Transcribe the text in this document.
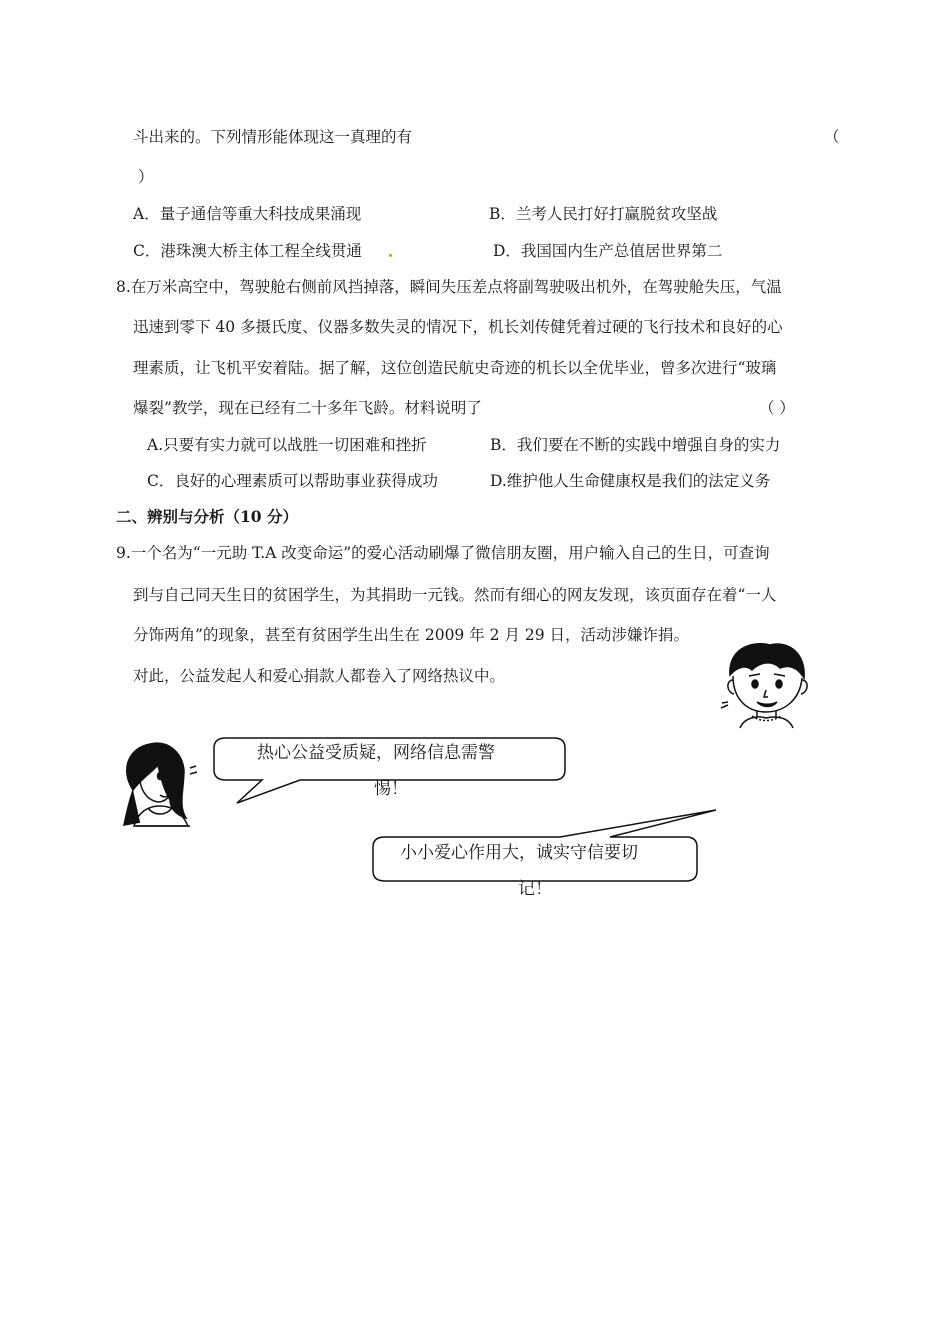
斗出来的。下列情形能体现这一真理的有	（
）
A．量子通信等重大科技成果涌现	B．兰考人民打好打赢脱贫攻坚战
C．港珠澳大桥主体工程全线贯通	D．我国国内生产总值居世界第二
8.在万米高空中，驾驶舱右侧前风挡掉落，瞬间失压差点将副驾驶吸出机外，在驾驶舱失压，气温
迅速到零下 40 多摄氏度、仪器多数失灵的情况下，机长刘传健凭着过硬的飞行技术和良好的心
理素质，让飞机平安着陆。据了解，这位创造民航史奇迹的机长以全优毕业，曾多次进行“玻璃
爆裂”教学，现在已经有二十多年飞龄。材料说明了	（ ）
A.只要有实力就可以战胜一切困难和挫折	B．我们要在不断的实践中增强自身的实力
C．良好的心理素质可以帮助事业获得成功	D.维护他人生命健康权是我们的法定义务
二、辨别与分析（10 分）
9.一个名为“一元助 T.A 改变命运”的爱心活动刷爆了微信朋友圈，用户输入自己的生日，可查询
到与自己同天生日的贫困学生，为其捐助一元钱。然而有细心的网友发现，该页面存在着“一人
分饰两角”的现象，甚至有贫困学生出生在 2009 年 2 月 29 日，活动涉嫌诈捐。
对此，公益发起人和爱心捐款人都卷入了网络热议中。
热心公益受质疑，网络信息需警
惕！
小小爱心作用大，诚实守信要切
记！
